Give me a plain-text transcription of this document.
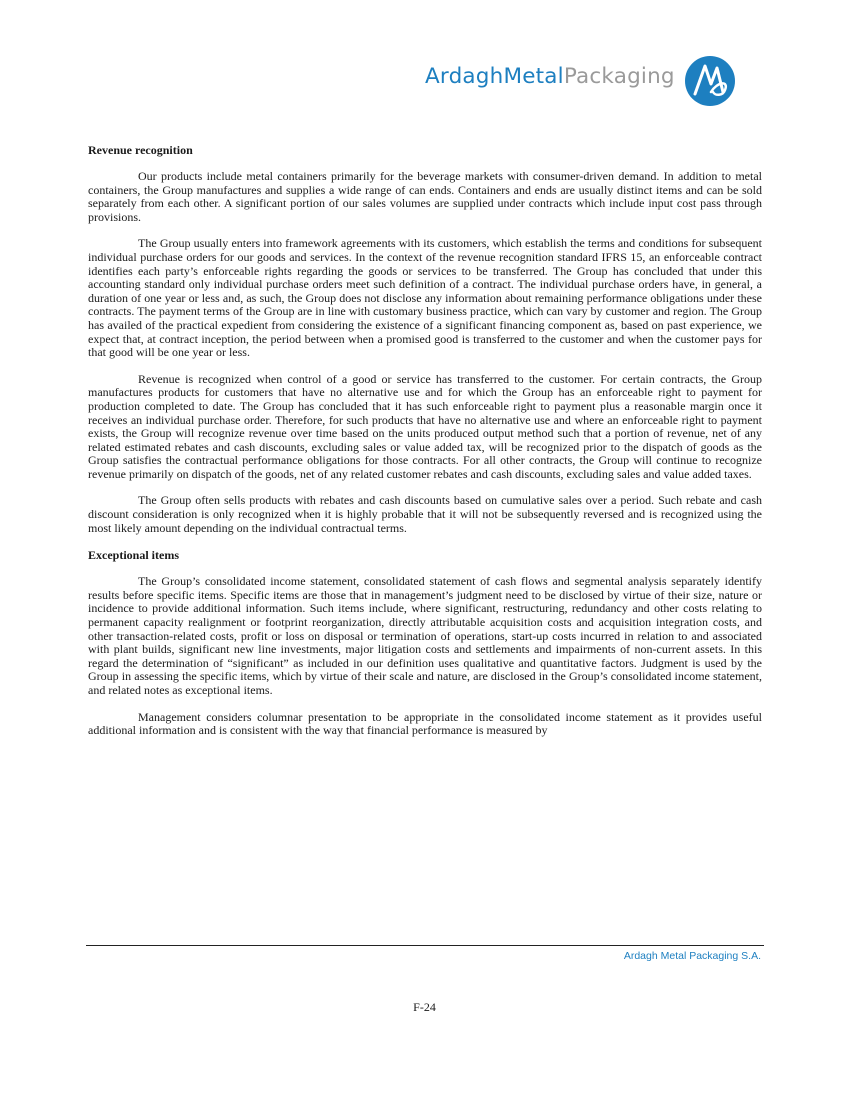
ArdaghMetalPackaging
Revenue recognition

Our products include metal containers primarily for the beverage markets with consumer-driven demand. In addition to metal containers, the Group manufactures and supplies a wide range of can ends. Containers and ends are usually distinct items and can be sold separately from each other. A significant portion of our sales volumes are supplied under contracts which include input cost pass through provisions.

The Group usually enters into framework agreements with its customers, which establish the terms and conditions for subsequent individual purchase orders for our goods and services. In the context of the revenue recognition standard IFRS 15, an enforceable contract identifies each party’s enforceable rights regarding the goods or services to be transferred. The Group has concluded that under this accounting standard only individual purchase orders meet such definition of a contract. The individual purchase orders have, in general, a duration of one year or less and, as such, the Group does not disclose any information about remaining performance obligations under these contracts. The payment terms of the Group are in line with customary business practice, which can vary by customer and region. The Group has availed of the practical expedient from considering the existence of a significant financing component as, based on past experience, we expect that, at contract inception, the period between when a promised good is transferred to the customer and when the customer pays for that good will be one year or less.

Revenue is recognized when control of a good or service has transferred to the customer. For certain contracts, the Group manufactures products for customers that have no alternative use and for which the Group has an enforceable right to payment for production completed to date. The Group has concluded that it has such enforceable right to payment plus a reasonable margin once it receives an individual purchase order. Therefore, for such products that have no alternative use and where an enforceable right to payment exists, the Group will recognize revenue over time based on the units produced output method such that a portion of revenue, net of any related estimated rebates and cash discounts, excluding sales or value added tax, will be recognized prior to the dispatch of goods as the Group satisfies the contractual performance obligations for those contracts. For all other contracts, the Group will continue to recognize revenue primarily on dispatch of the goods, net of any related customer rebates and cash discounts, excluding sales and value added taxes.

The Group often sells products with rebates and cash discounts based on cumulative sales over a period. Such rebate and cash discount consideration is only recognized when it is highly probable that it will not be subsequently reversed and is recognized using the most likely amount depending on the individual contractual terms.

Exceptional items

The Group’s consolidated income statement, consolidated statement of cash flows and segmental analysis separately identify results before specific items. Specific items are those that in management’s judgment need to be disclosed by virtue of their size, nature or incidence to provide additional information. Such items include, where significant, restructuring, redundancy and other costs relating to permanent capacity realignment or footprint reorganization, directly attributable acquisition costs and acquisition integration costs, and other transaction-related costs, profit or loss on disposal or termination of operations, start-up costs incurred in relation to and associated with plant builds, significant new line investments, major litigation costs and settlements and impairments of non-current assets. In this regard the determination of “significant” as included in our definition uses qualitative and quantitative factors. Judgment is used by the Group in assessing the specific items, which by virtue of their scale and nature, are disclosed in the Group’s consolidated income statement, and related notes as exceptional items.

Management considers columnar presentation to be appropriate in the consolidated income statement as it provides useful additional information and is consistent with the way that financial performance is measured by

Ardagh Metal Packaging S.A.
F-24
